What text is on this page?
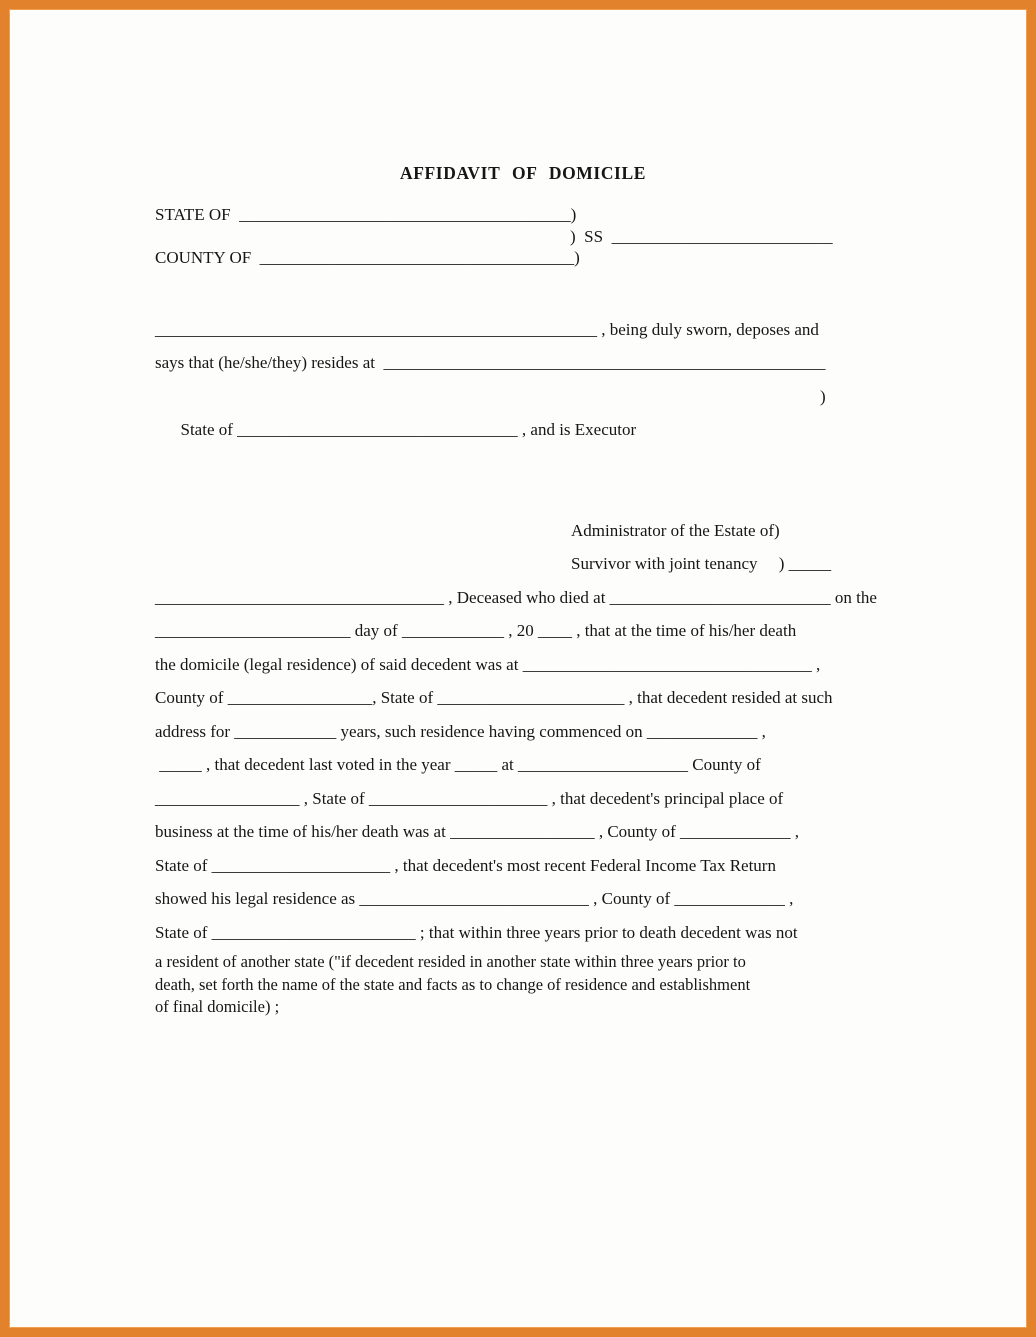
AFFIDAVIT OF DOMICILE
STATE OF  _______________________________________)
)  SS  __________________________
COUNTY OF  _____________________________________)
____________________________________________________ , being duly sworn, deposes and
says that (he/she/they) resides at  ____________________________________________________

State of _________________________________ , and is Executor

)

Administrator of the Estate of)
Survivor with joint tenancy     ) _____
__________________________________ , Deceased who died at __________________________ on the
_______________________ day of ____________ , 20 ____ , that at the time of his/her death
the domicile (legal residence) of said decedent was at __________________________________ ,
County of _________________, State of ______________________ , that decedent resided at such
address for ____________ years, such residence having commenced on _____________ ,
_____ , that decedent last voted in the year _____ at ____________________ County of
_________________ , State of _____________________ , that decedent's principal place of
business at the time of his/her death was at _________________ , County of _____________ ,
State of _____________________ , that decedent's most recent Federal Income Tax Return
showed his legal residence as ___________________________ , County of _____________ ,
State of ________________________ ; that within three years prior to death decedent was not
a resident of another state ("if decedent resided in another state within three years prior to
death, set forth the name of the state and facts as to change of residence and establishment
of final domicile) ;
